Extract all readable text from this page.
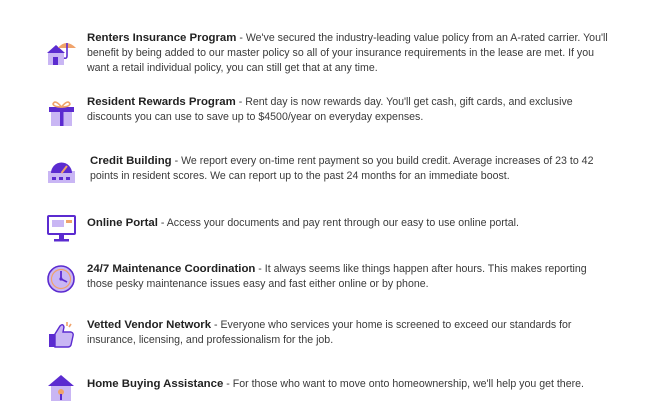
Renters Insurance Program - We've secured the industry-leading value policy from an A-rated carrier. You'll benefit by being added to our master policy so all of your insurance requirements in the lease are met. If you want a retail individual policy, you can still get that at any time.
Resident Rewards Program - Rent day is now rewards day. You'll get cash, gift cards, and exclusive discounts you can use to save up to $4500/year on everyday expenses.
Credit Building - We report every on-time rent payment so you build credit. Average increases of 23 to 42 points in resident scores. We can report up to the past 24 months for an immediate boost.
Online Portal - Access your documents and pay rent through our easy to use online portal.
24/7 Maintenance Coordination - It always seems like things happen after hours. This makes reporting those pesky maintenance issues easy and fast either online or by phone.
Vetted Vendor Network - Everyone who services your home is screened to exceed our standards for insurance, licensing, and professionalism for the job.
Home Buying Assistance - For those who want to move onto homeownership, we'll help you get there.
